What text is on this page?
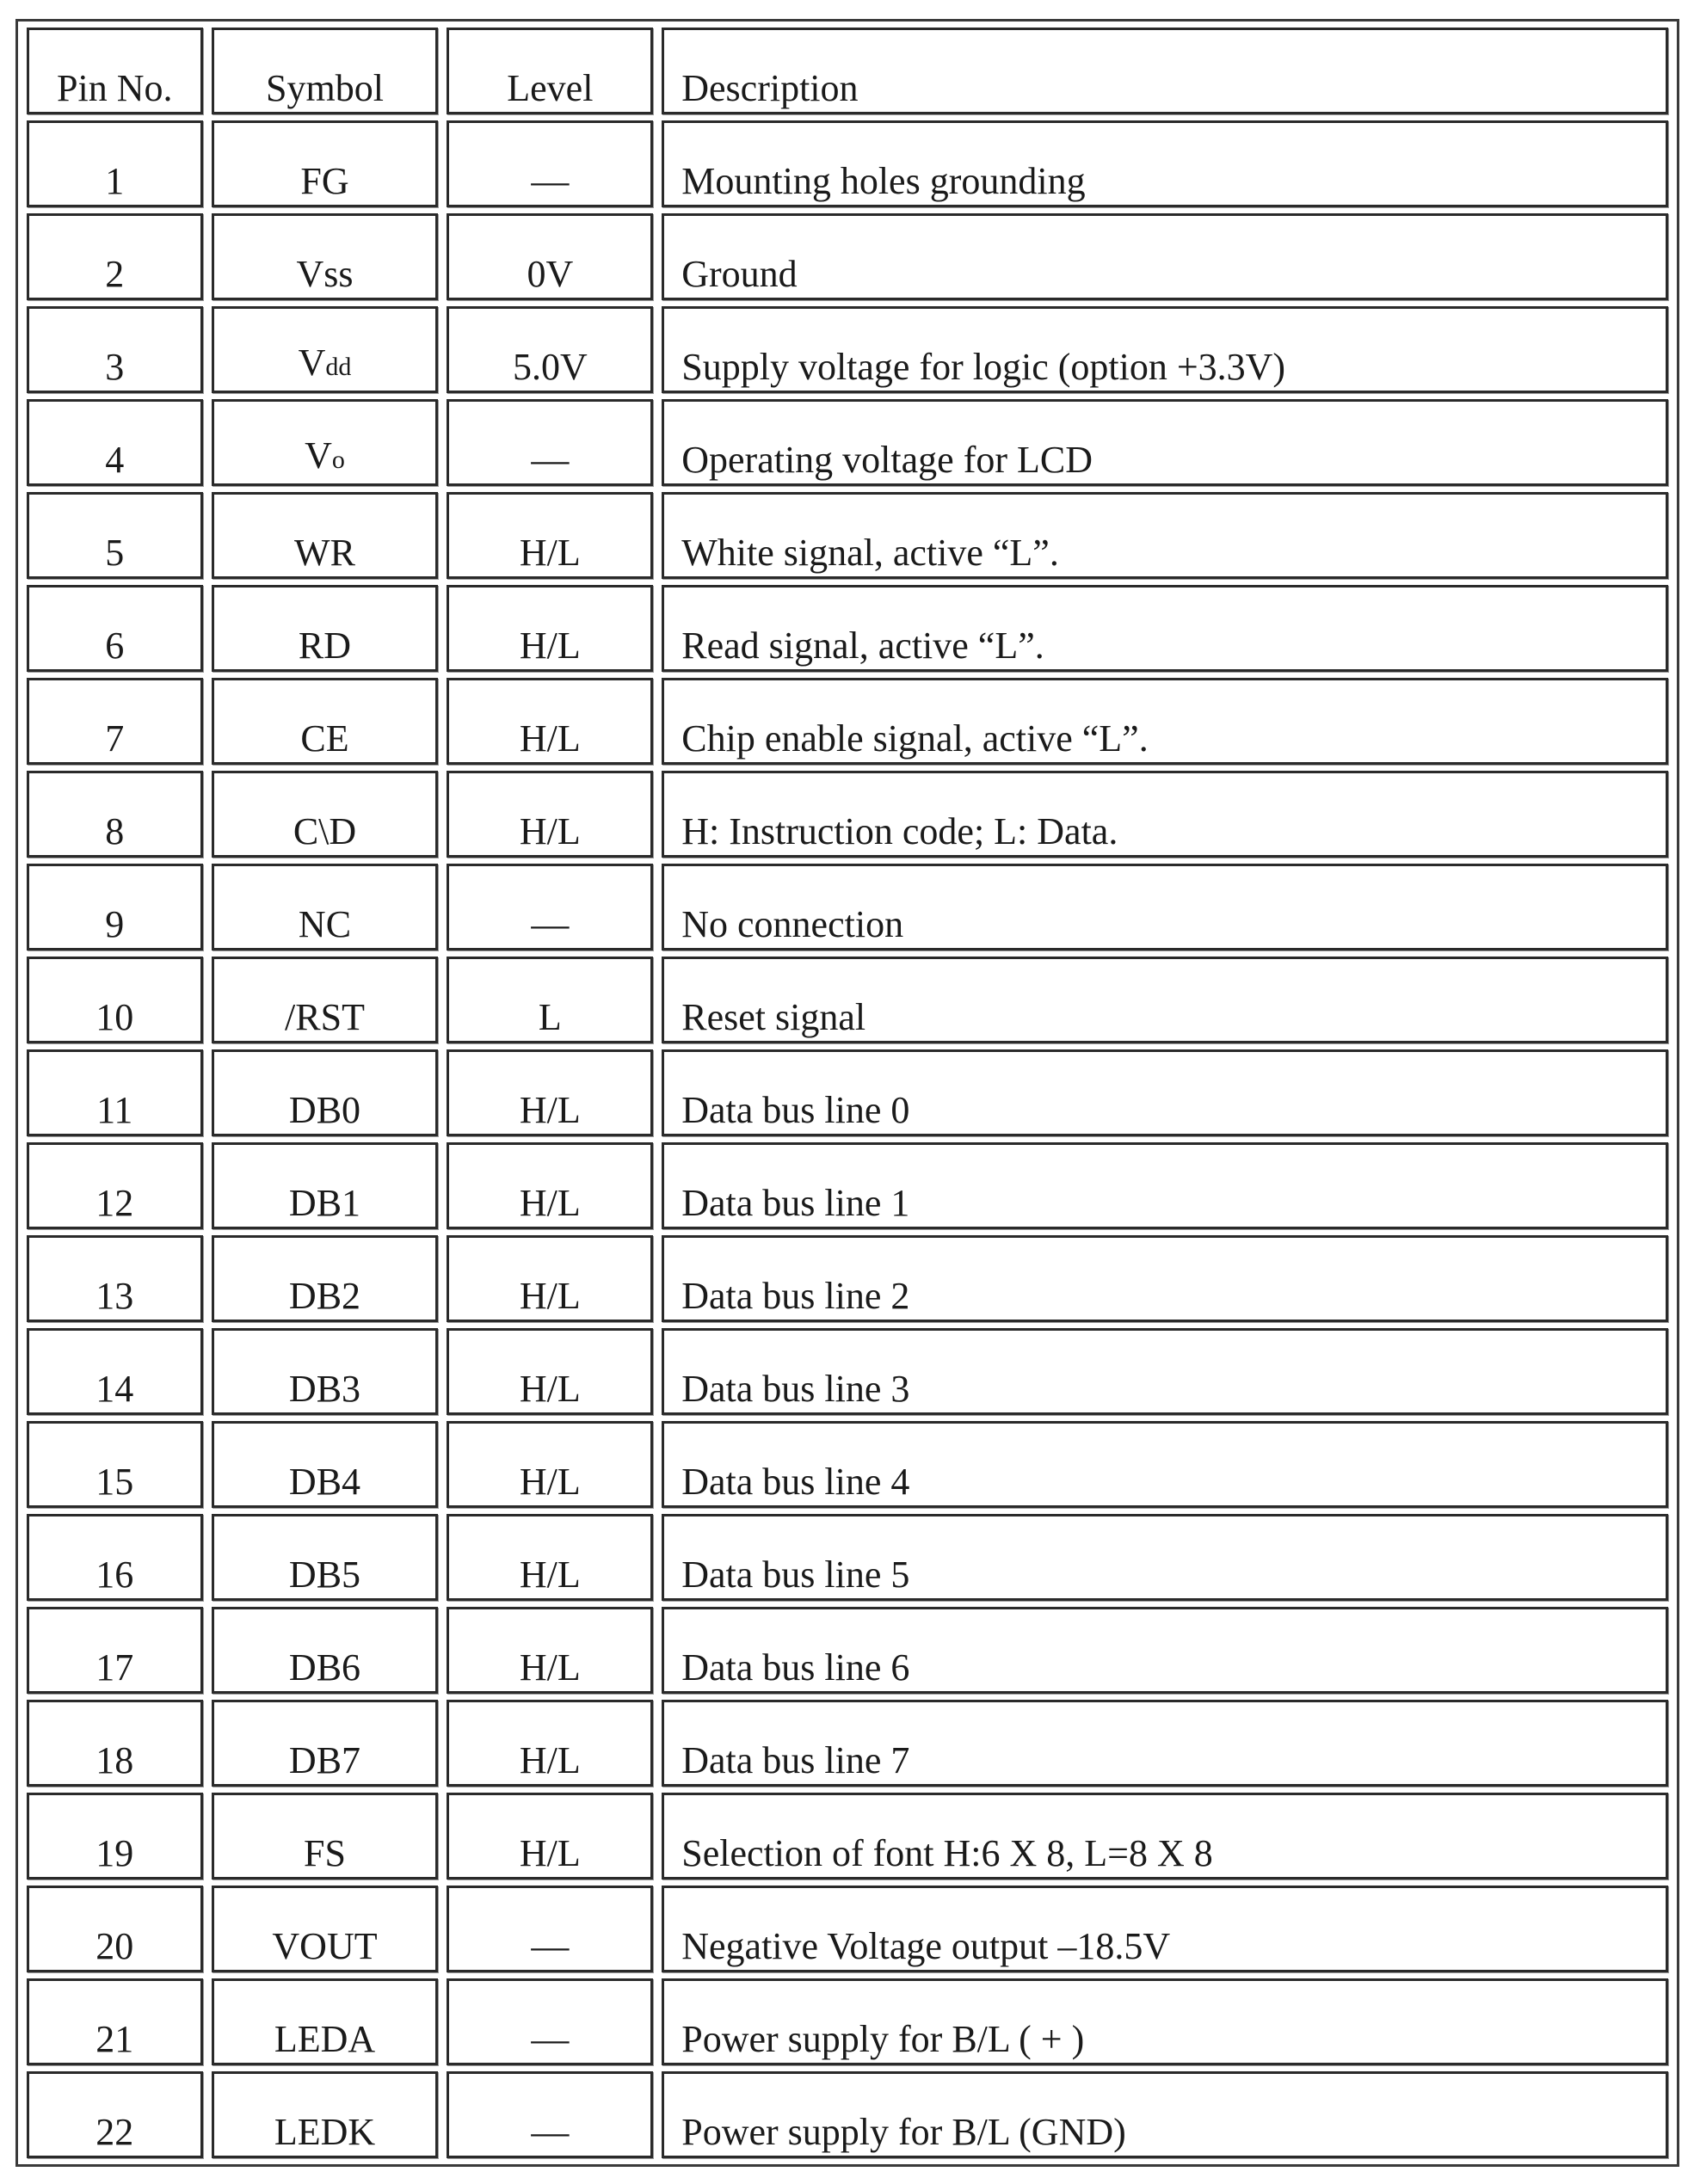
Pin No.	Symbol	Level	Description
1	FG	—	Mounting holes grounding
2	Vss	0V	Ground
3	Vdd	5.0V	Supply voltage for logic (option +3.3V)
4	Vo	—	Operating voltage for LCD
5	WR	H/L	White signal, active “L”.
6	RD	H/L	Read signal, active “L”.
7	CE	H/L	Chip enable signal, active “L”.
8	C\D	H/L	H: Instruction code; L: Data.
9	NC	—	No connection
10	/RST	L	Reset signal
11	DB0	H/L	Data bus line 0
12	DB1	H/L	Data bus line 1
13	DB2	H/L	Data bus line 2
14	DB3	H/L	Data bus line 3
15	DB4	H/L	Data bus line 4
16	DB5	H/L	Data bus line 5
17	DB6	H/L	Data bus line 6
18	DB7	H/L	Data bus line 7
19	FS	H/L	Selection of font H:6 X 8, L=8 X 8
20	VOUT	—	Negative Voltage output –18.5V
21	LEDA	—	Power supply for B/L ( + )
22	LEDK	—	Power supply for B/L (GND)
